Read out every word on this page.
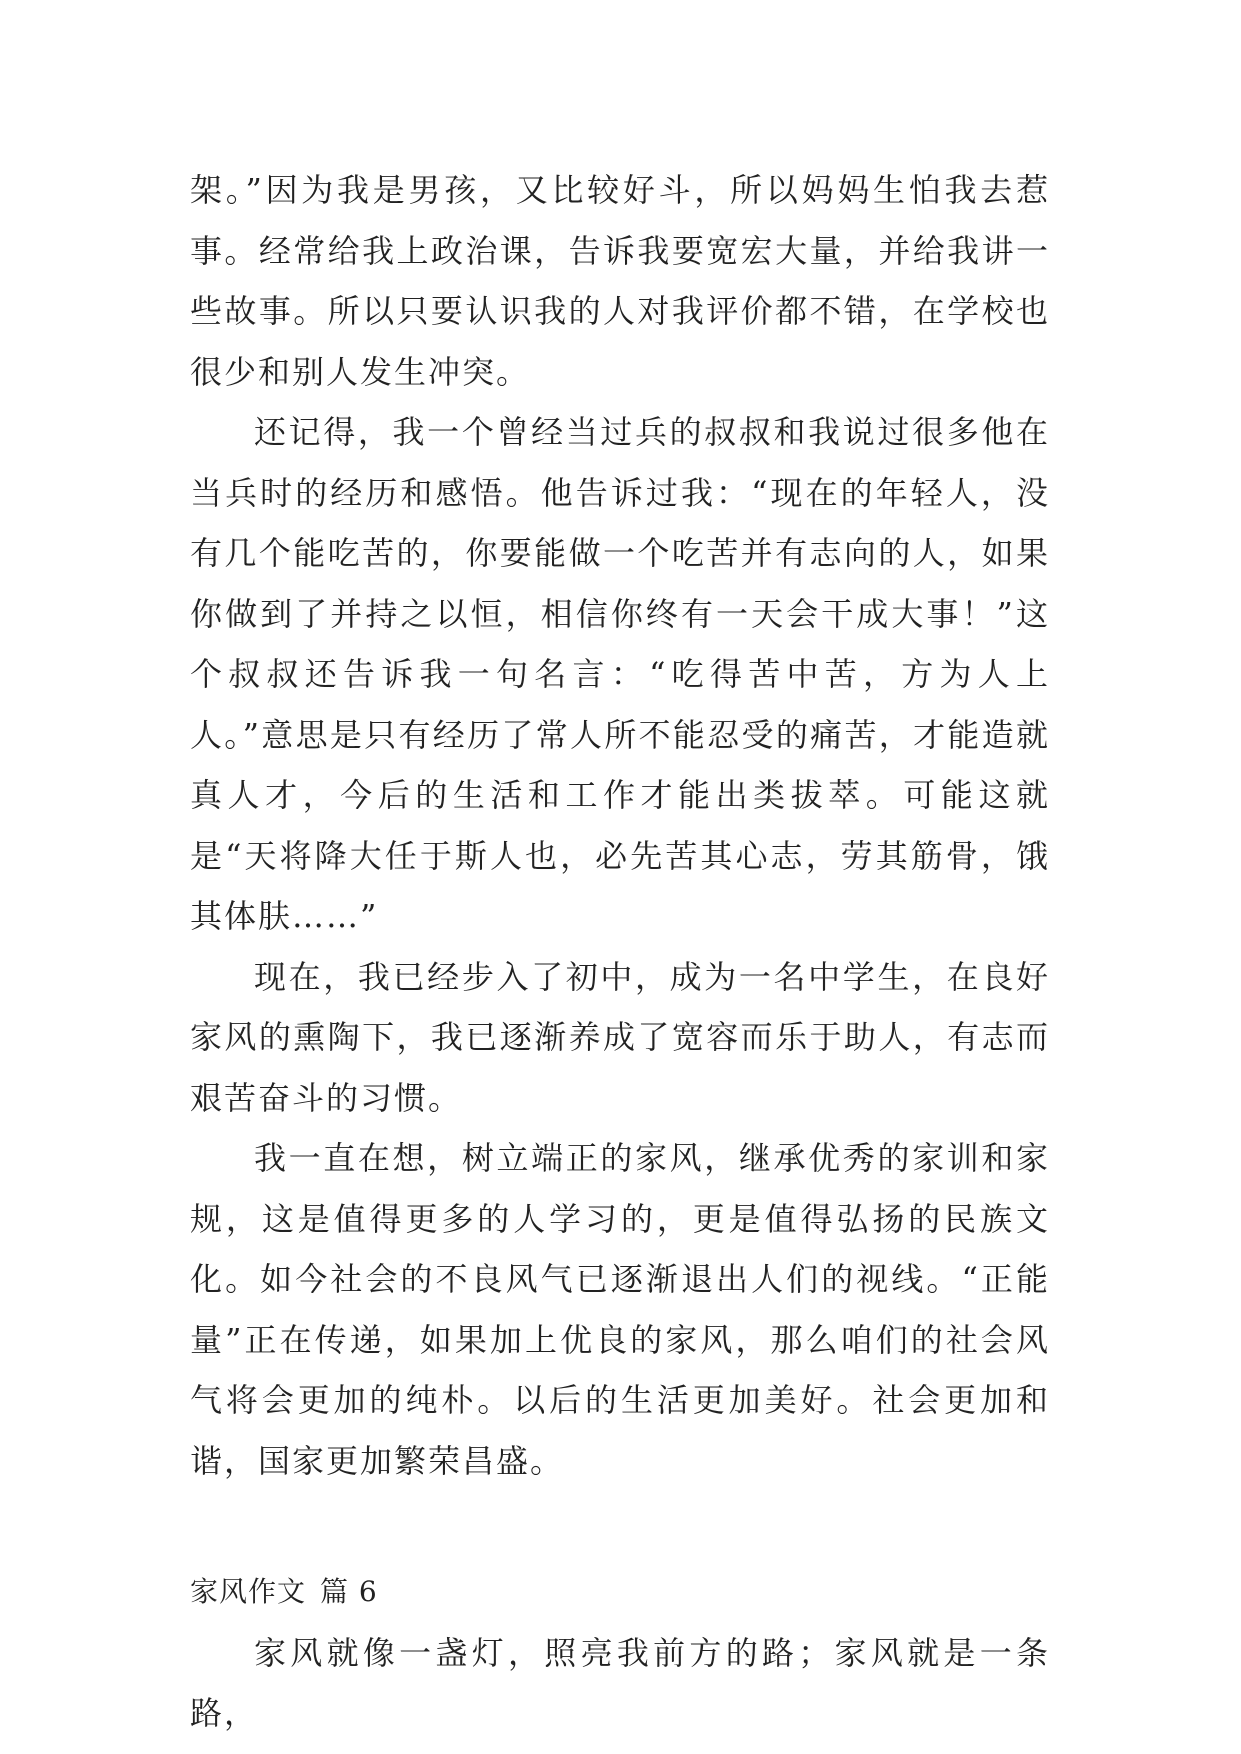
架。”因为我是男孩，又比较好斗，所以妈妈生怕我去惹事。经常给我上政治课，告诉我要宽宏大量，并给我讲一些故事。所以只要认识我的人对我评价都不错，在学校也很少和别人发生冲突。

还记得，我一个曾经当过兵的叔叔和我说过很多他在当兵时的经历和感悟。他告诉过我：“现在的年轻人，没有几个能吃苦的，你要能做一个吃苦并有志向的人，如果你做到了并持之以恒，相信你终有一天会干成大事！”这个叔叔还告诉我一句名言：“吃得苦中苦，方为人上人。”意思是只有经历了常人所不能忍受的痛苦，才能造就真人才，今后的生活和工作才能出类拔萃。可能这就是“天将降大任于斯人也，必先苦其心志，劳其筋骨，饿其体肤……”

现在，我已经步入了初中，成为一名中学生，在良好家风的熏陶下，我已逐渐养成了宽容而乐于助人，有志而艰苦奋斗的习惯。

我一直在想，树立端正的家风，继承优秀的家训和家规，这是值得更多的人学习的，更是值得弘扬的民族文化。如今社会的不良风气已逐渐退出人们的视线。“正能量”正在传递，如果加上优良的家风，那么咱们的社会风气将会更加的纯朴。以后的生活更加美好。社会更加和谐，国家更加繁荣昌盛。

家风作文 篇 6

家风就像一盏灯，照亮我前方的路；家风就是一条路，
